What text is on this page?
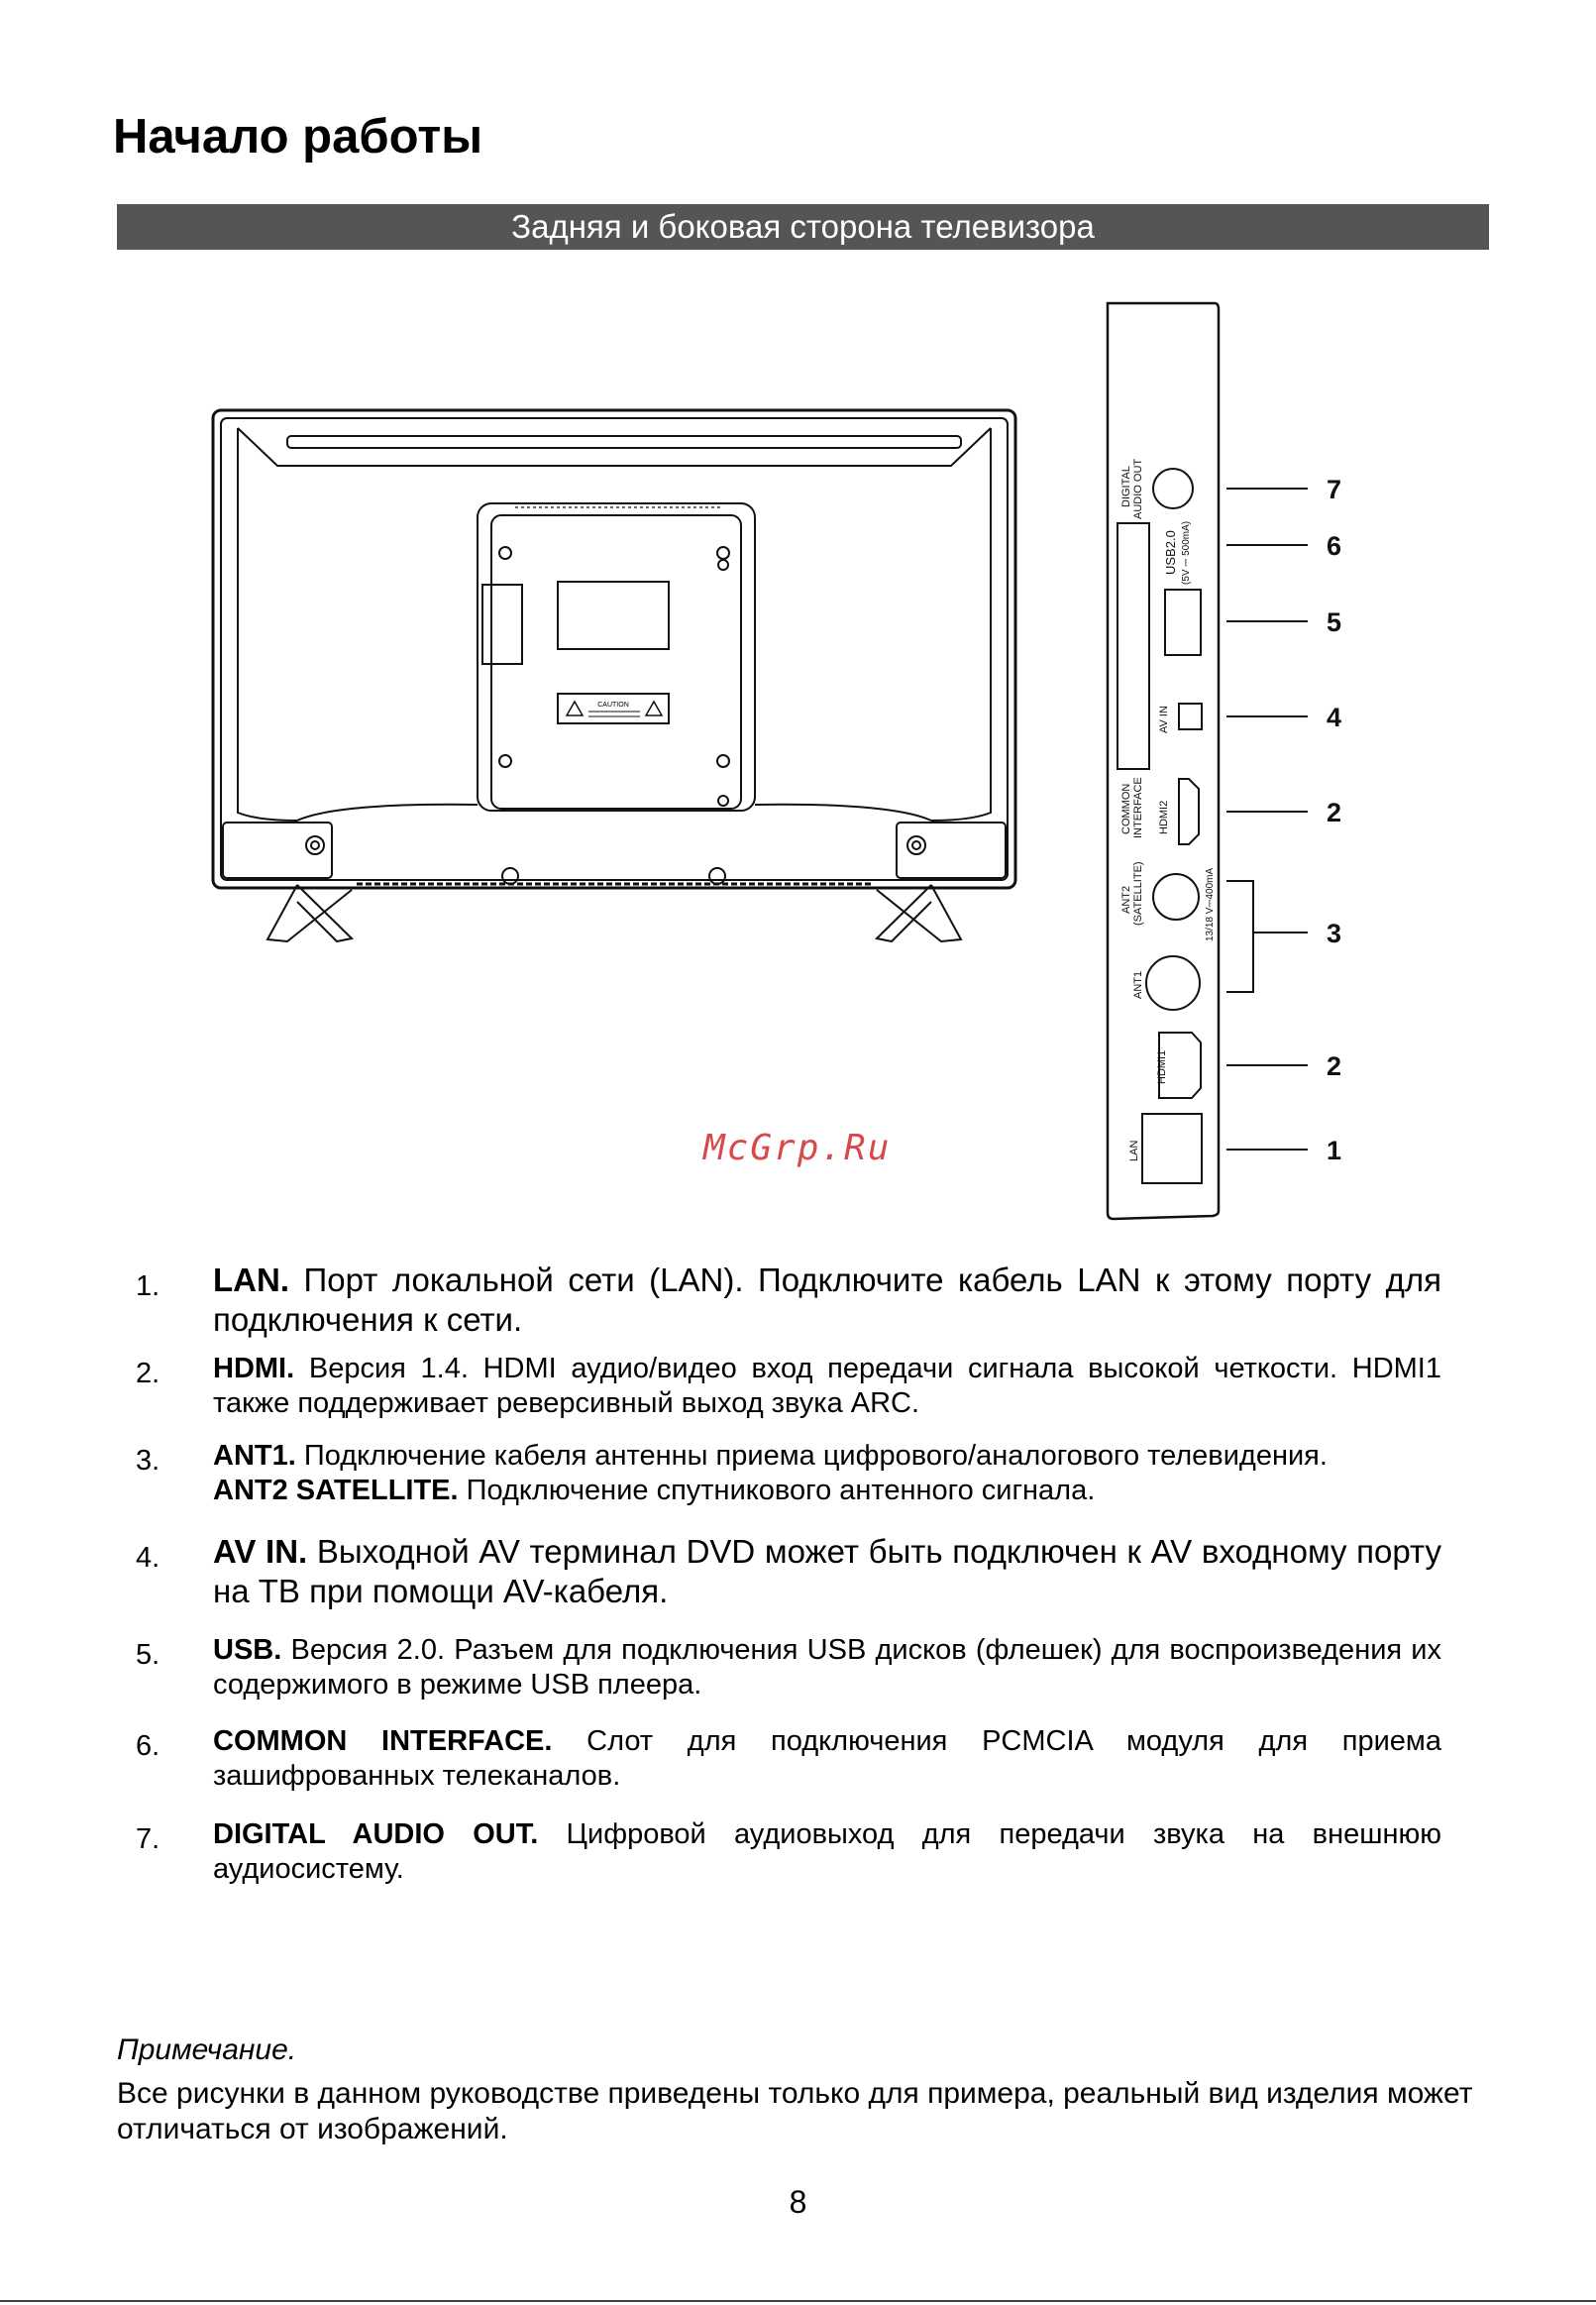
Начало работы
Задняя и боковая сторона телевизора
CAUTION
DIGITAL AUDIO OUT
USB2.0 (5V ⎓ 500mA)
AV IN
COMMON INTERFACE HDMI2
ANT2 (SATELLITE)	13/18 V⎓400mA
ANT1
HDMI1
LAN
7
6
5
4
2
3
2
1
McGrp.Ru
1. LAN. Порт локальной сети (LAN). Подключите кабель LAN к этому порту для подключения к сети.
2. HDMI. Версия 1.4. HDMI аудио/видео вход передачи сигнала высокой четкости. HDMI1 также поддерживает реверсивный выход звука ARC.
3. ANT1. Подключение кабеля антенны приема цифрового/аналогового телевидения.
ANT2 SATELLITE. Подключение спутникового антенного сигнала.
4. AV IN. Выходной AV терминал DVD может быть подключен к AV входному порту на ТВ при помощи AV-кабеля.
5. USB. Версия 2.0. Разъем для подключения USB дисков (флешек) для воспроизведения их содержимого в режиме USB плеера.
6. COMMON INTERFACE. Слот для подключения PCMCIA модуля для приема зашифрованных телеканалов.
7. DIGITAL AUDIO OUT. Цифровой аудиовыход для передачи звука на внешнюю аудиосистему.
Примечание.
Все рисунки в данном руководстве приведены только для примера, реальный вид изделия может отличаться от изображений.
8
